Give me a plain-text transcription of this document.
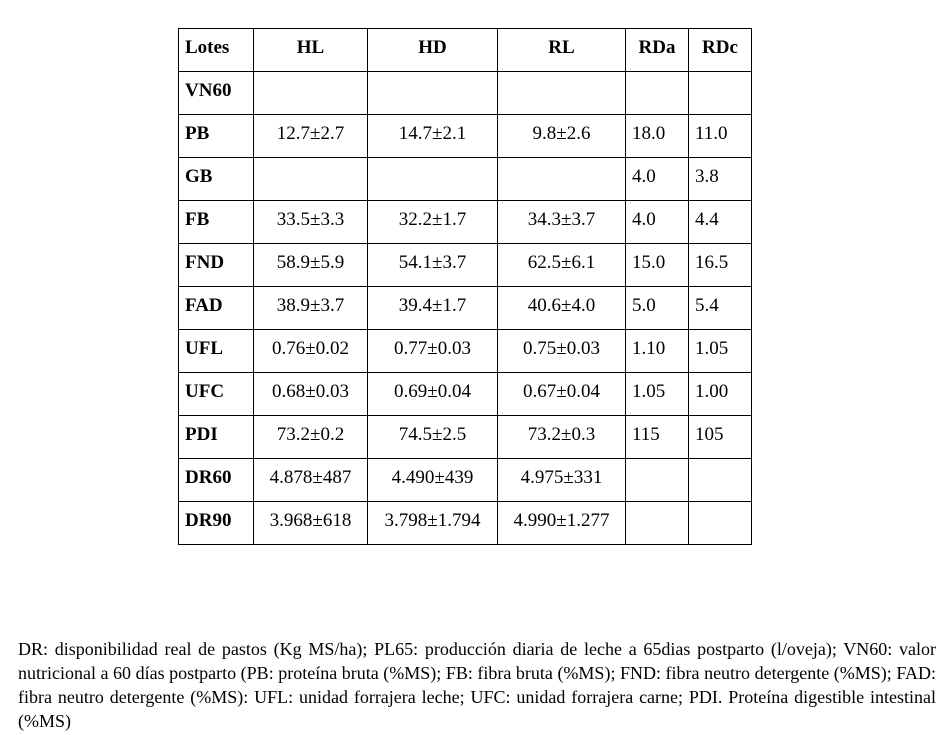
Lotes	HL	HD	RL	RDa	RDc
VN60					
PB	12.7±2.7	14.7±2.1	9.8±2.6	18.0	11.0
GB				4.0	3.8
FB	33.5±3.3	32.2±1.7	34.3±3.7	4.0	4.4
FND	58.9±5.9	54.1±3.7	62.5±6.1	15.0	16.5
FAD	38.9±3.7	39.4±1.7	40.6±4.0	5.0	5.4
UFL	0.76±0.02	0.77±0.03	0.75±0.03	1.10	1.05
UFC	0.68±0.03	0.69±0.04	0.67±0.04	1.05	1.00
PDI	73.2±0.2	74.5±2.5	73.2±0.3	115	105
DR60	4.878±487	4.490±439	4.975±331		
DR90	3.968±618	3.798±1.794	4.990±1.277		

DR: disponibilidad real de pastos (Kg MS/ha); PL65: producción diaria de leche a 65dias postparto (l/oveja); VN60: valor nutricional a 60 días postparto (PB: proteína bruta (%MS); FB: fibra bruta (%MS); FND: fibra neutro detergente (%MS); FAD: fibra neutro detergente (%MS): UFL: unidad forrajera leche; UFC: unidad forrajera carne; PDI. Proteína digestible intestinal (%MS)
